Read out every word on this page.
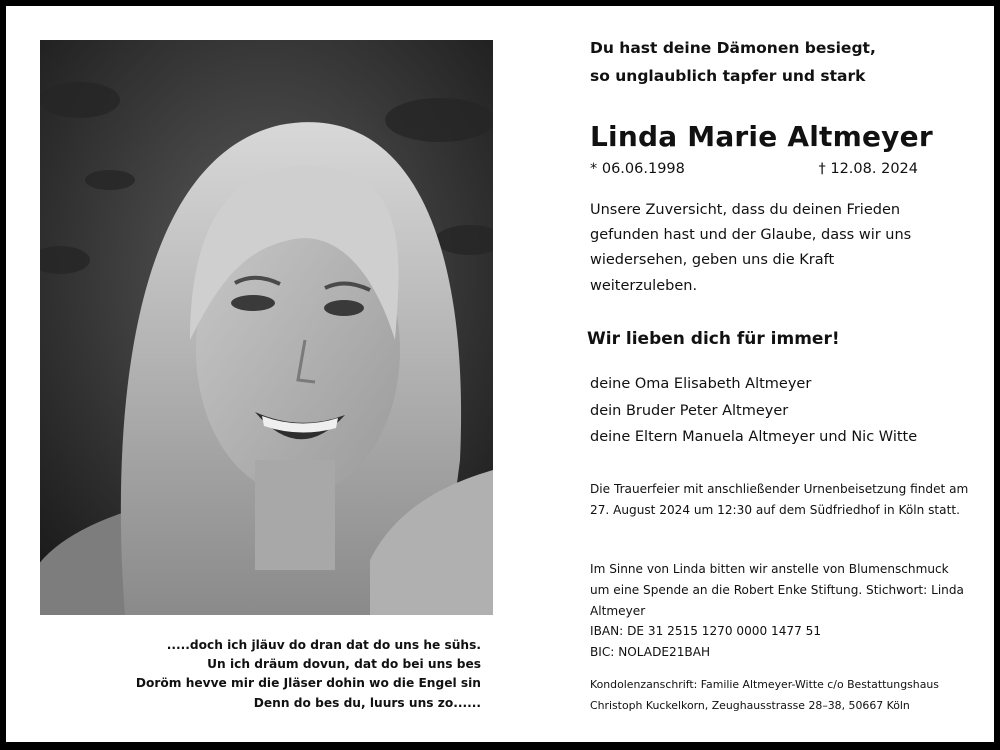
.....doch ich jläuv do dran dat do uns he sühs.
Un ich dräum dovun, dat do bei uns bes
Doröm hevve mir die Jläser dohin wo die Engel sin
Denn do bes du, luurs uns zo......
Du hast deine Dämonen besiegt,
so unglaublich tapfer und stark
Linda Marie Altmeyer
* 06.06.1998	† 12.08. 2024
Unsere Zuversicht, dass du deinen Frieden gefunden hast und der Glaube, dass wir uns wiedersehen, geben uns die Kraft weiterzuleben.
Wir lieben dich für immer!
deine Oma Elisabeth Altmeyer
dein Bruder Peter Altmeyer
deine Eltern Manuela Altmeyer und Nic Witte
Die Trauerfeier mit anschließender Urnenbeisetzung findet am 27. August 2024 um 12:30 auf dem Südfriedhof in Köln statt.
Im Sinne von Linda bitten wir anstelle von Blumenschmuck um eine Spende an die Robert Enke Stiftung. Stichwort: Linda Altmeyer
IBAN: DE 31 2515 1270 0000 1477 51
BIC: NOLADE21BAH
Kondolenzanschrift: Familie Altmeyer-Witte c/o Bestattungshaus
Christoph Kuckelkorn, Zeughausstrasse 28–38, 50667 Köln
